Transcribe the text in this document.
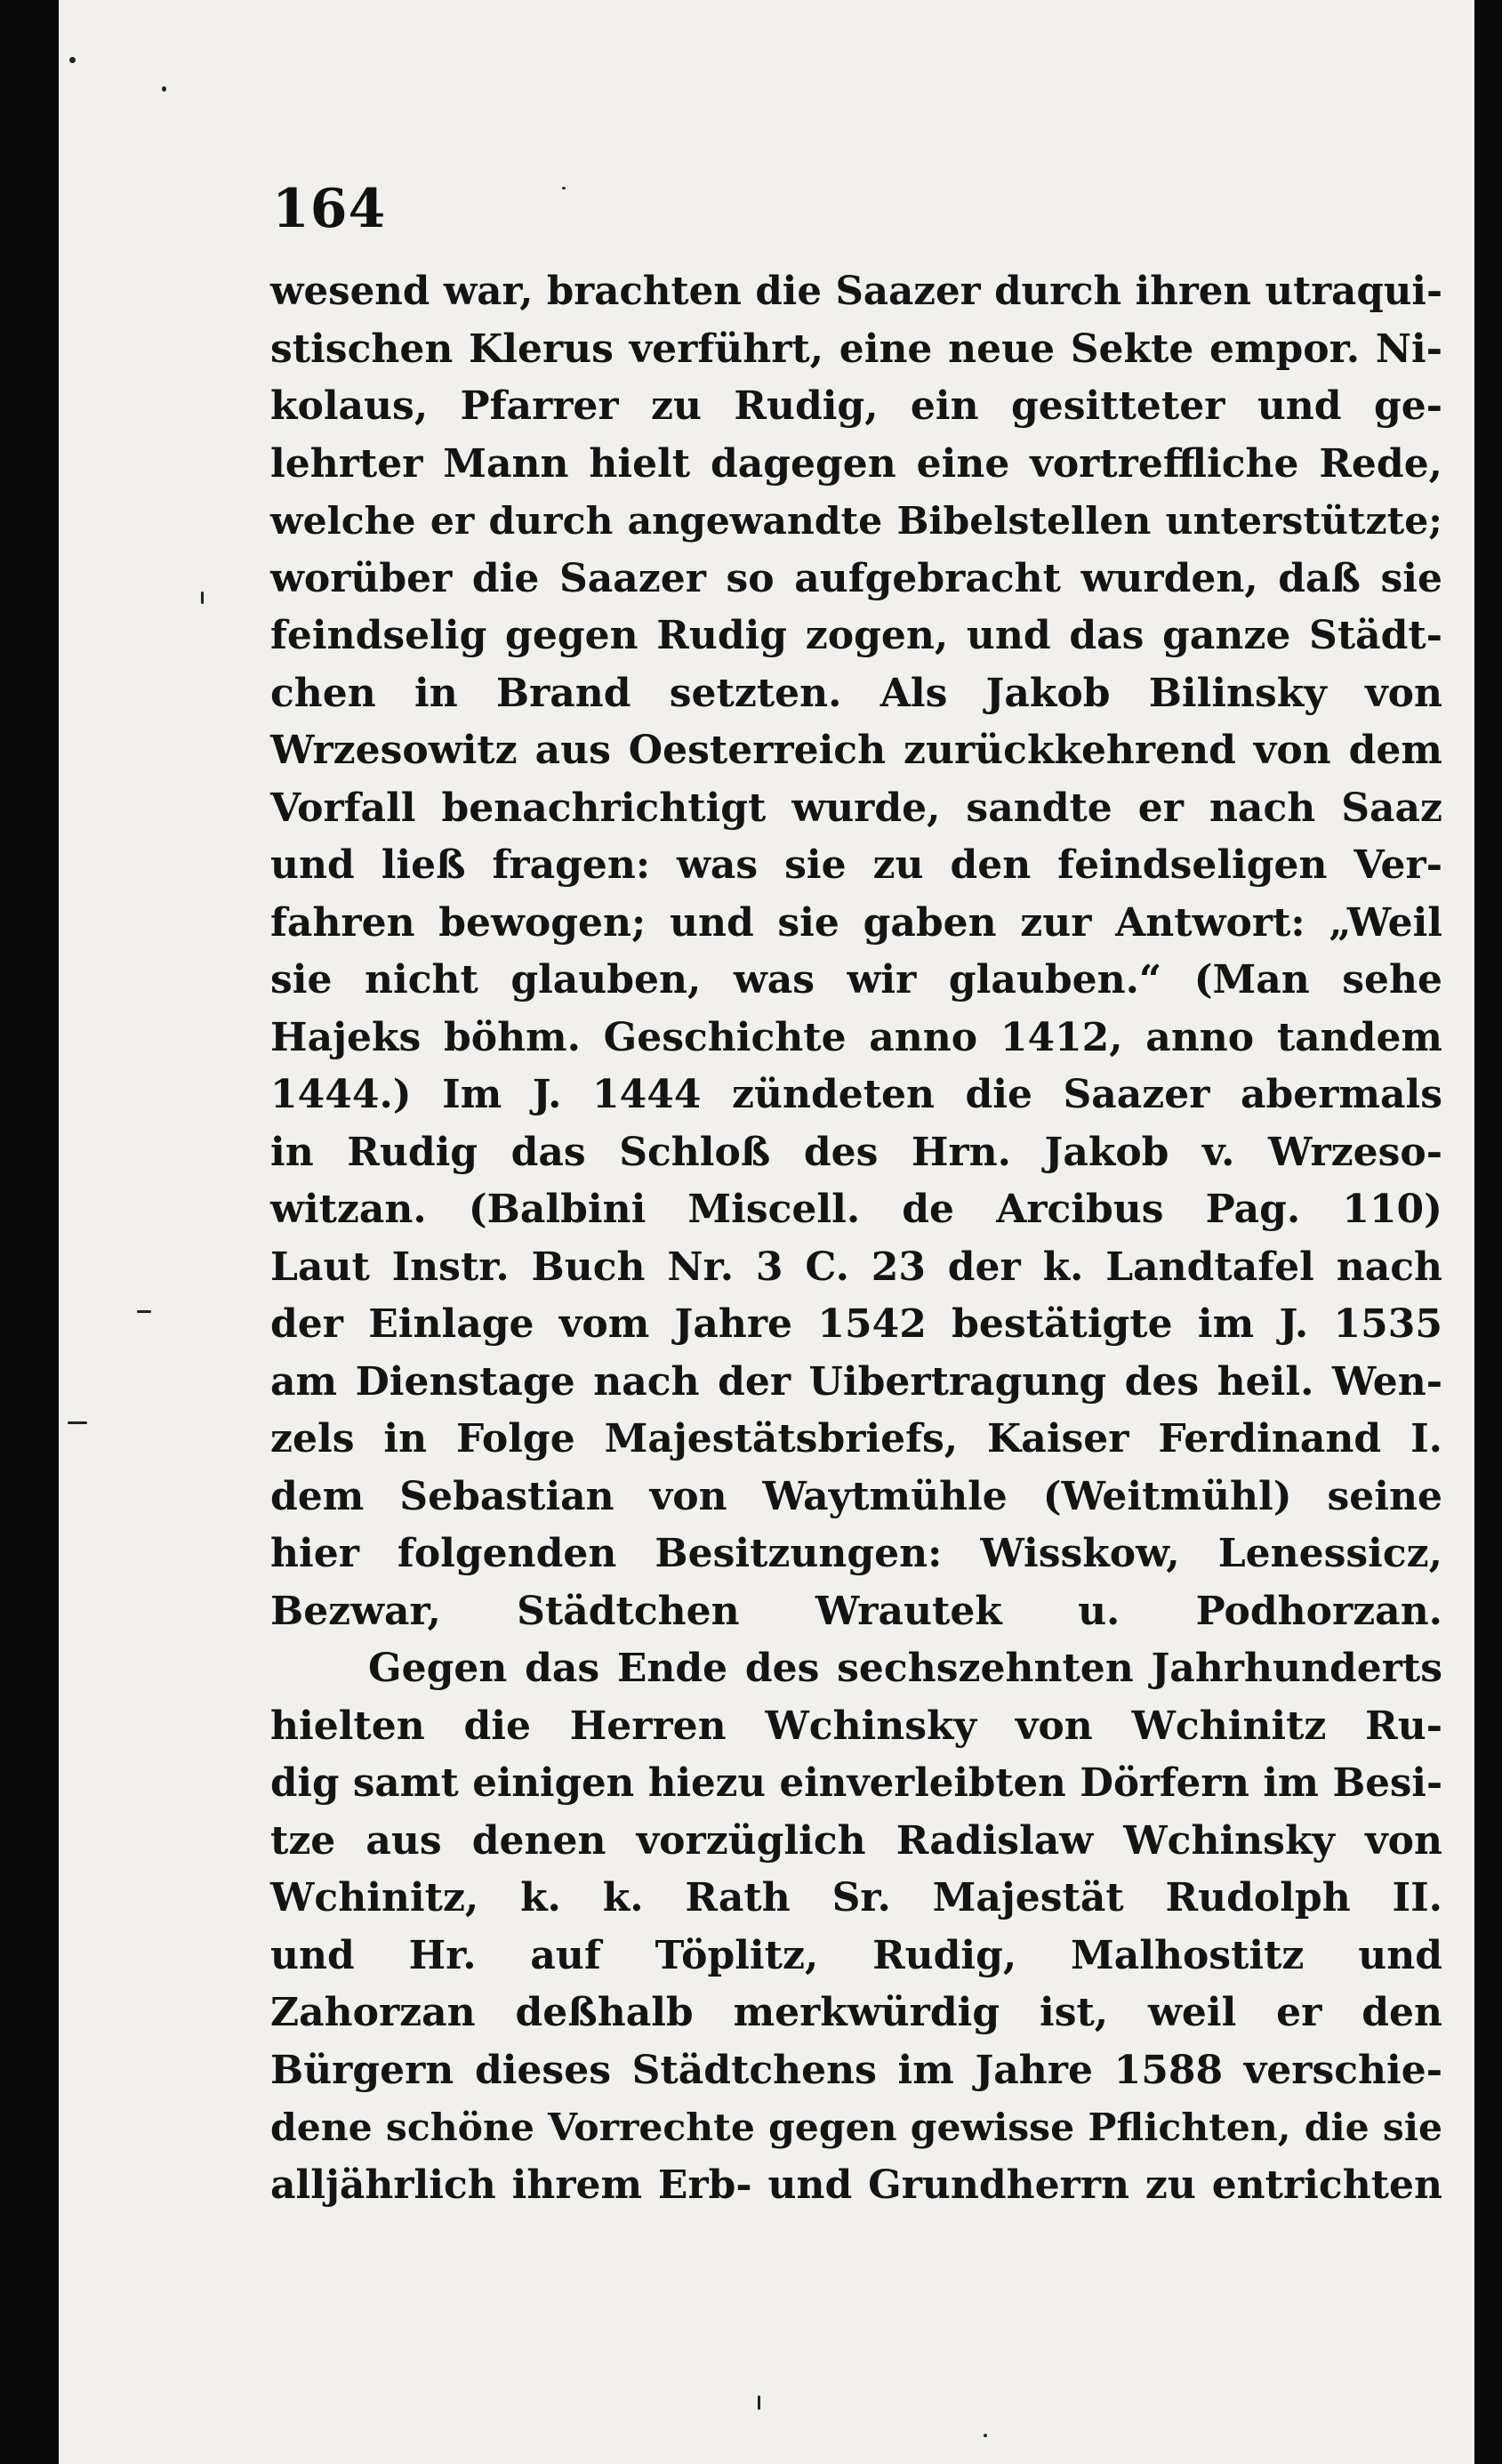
164
wesend war, brachten die Saazer durch ihren utraqui-
stischen Klerus verführt, eine neue Sekte empor. Ni-
kolaus, Pfarrer zu Rudig, ein gesitteter und ge-
lehrter Mann hielt dagegen eine vortreffliche Rede,
welche er durch angewandte Bibelstellen unterstützte;
worüber die Saazer so aufgebracht wurden, daß sie
feindselig gegen Rudig zogen, und das ganze Städt-
chen in Brand setzten. Als Jakob Bilinsky von
Wrzesowitz aus Oesterreich zurückkehrend von dem
Vorfall benachrichtigt wurde, sandte er nach Saaz
und ließ fragen: was sie zu den feindseligen Ver-
fahren bewogen; und sie gaben zur Antwort: „Weil
sie nicht glauben, was wir glauben.“ (Man sehe
Hajeks böhm. Geschichte anno 1412, anno tandem
1444.) Im J. 1444 zündeten die Saazer abermals
in Rudig das Schloß des Hrn. Jakob v. Wrzeso-
witzan. (Balbini Miscell. de Arcibus Pag. 110)
Laut Instr. Buch Nr. 3 C. 23 der k. Landtafel nach
der Einlage vom Jahre 1542 bestätigte im J. 1535
am Dienstage nach der Uibertragung des heil. Wen-
zels in Folge Majestätsbriefs, Kaiser Ferdinand I.
dem Sebastian von Waytmühle (Weitmühl) seine
hier folgenden Besitzungen: Wisskow, Lenessicz,
Bezwar, Städtchen Wrautek u. Podhorzan.
Gegen das Ende des sechszehnten Jahrhunderts
hielten die Herren Wchinsky von Wchinitz Ru-
dig samt einigen hiezu einverleibten Dörfern im Besi-
tze aus denen vorzüglich Radislaw Wchinsky von
Wchinitz, k. k. Rath Sr. Majestät Rudolph II.
und Hr. auf Töplitz, Rudig, Malhostitz und
Zahorzan deßhalb merkwürdig ist, weil er den
Bürgern dieses Städtchens im Jahre 1588 verschie-
dene schöne Vorrechte gegen gewisse Pflichten, die sie
alljährlich ihrem Erb- und Grundherrn zu entrichten
